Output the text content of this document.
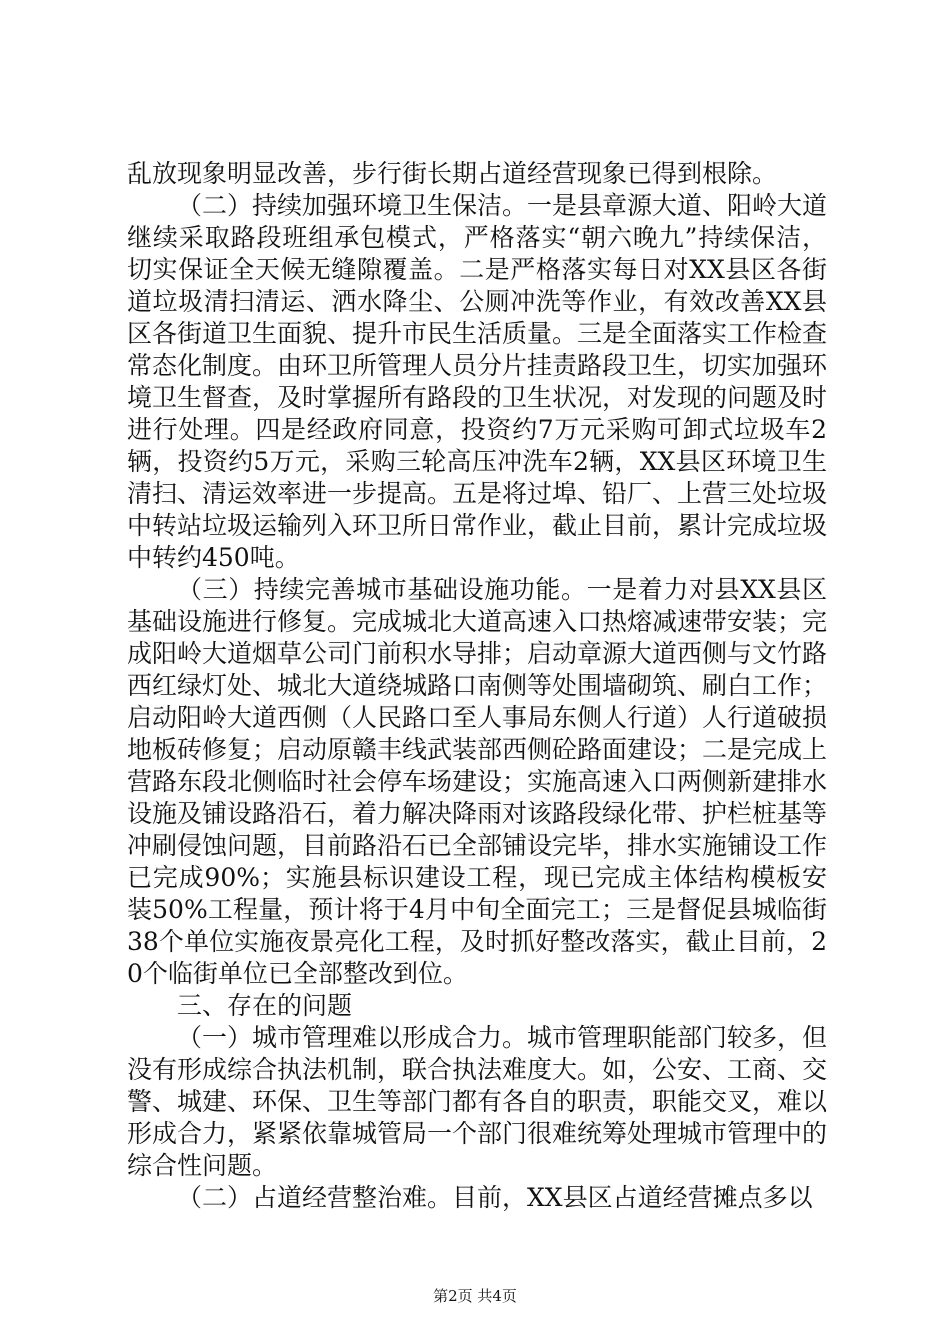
乱放现象明显改善，步行街长期占道经营现象已得到根除。

（二）持续加强环境卫生保洁。一是县章源大道、阳岭大道继续采取路段班组承包模式，严格落实“朝六晚九”持续保洁，切实保证全天候无缝隙覆盖。二是严格落实每日对XX县区各街道垃圾清扫清运、洒水降尘、公厕冲洗等作业，有效改善XX县区各街道卫生面貌、提升市民生活质量。三是全面落实工作检查常态化制度。由环卫所管理人员分片挂责路段卫生，切实加强环境卫生督查，及时掌握所有路段的卫生状况，对发现的问题及时进行处理。四是经政府同意，投资约7万元采购可卸式垃圾车2辆，投资约5万元，采购三轮高压冲洗车2辆，XX县区环境卫生清扫、清运效率进一步提高。五是将过埠、铅厂、上营三处垃圾中转站垃圾运输列入环卫所日常作业，截止目前，累计完成垃圾中转约450吨。

（三）持续完善城市基础设施功能。一是着力对县XX县区基础设施进行修复。完成城北大道高速入口热熔减速带安装；完成阳岭大道烟草公司门前积水导排；启动章源大道西侧与文竹路西红绿灯处、城北大道绕城路口南侧等处围墙砌筑、刷白工作；启动阳岭大道西侧（人民路口至人事局东侧人行道）人行道破损地板砖修复；启动原赣丰线武装部西侧砼路面建设；二是完成上营路东段北侧临时社会停车场建设；实施高速入口两侧新建排水设施及铺设路沿石，着力解决降雨对该路段绿化带、护栏桩基等冲刷侵蚀问题，目前路沿石已全部铺设完毕，排水实施铺设工作已完成90%；实施县标识建设工程，现已完成主体结构模板安装50%工程量，预计将于4月中旬全面完工；三是督促县城临街38个单位实施夜景亮化工程，及时抓好整改落实，截止目前，20个临街单位已全部整改到位。

三、存在的问题

（一）城市管理难以形成合力。城市管理职能部门较多，但没有形成综合执法机制，联合执法难度大。如，公安、工商、交警、城建、环保、卫生等部门都有各自的职责，职能交叉，难以形成合力，紧紧依靠城管局一个部门很难统筹处理城市管理中的综合性问题。

（二）占道经营整治难。目前，XX县区占道经营摊点多以

第2页 共4页
